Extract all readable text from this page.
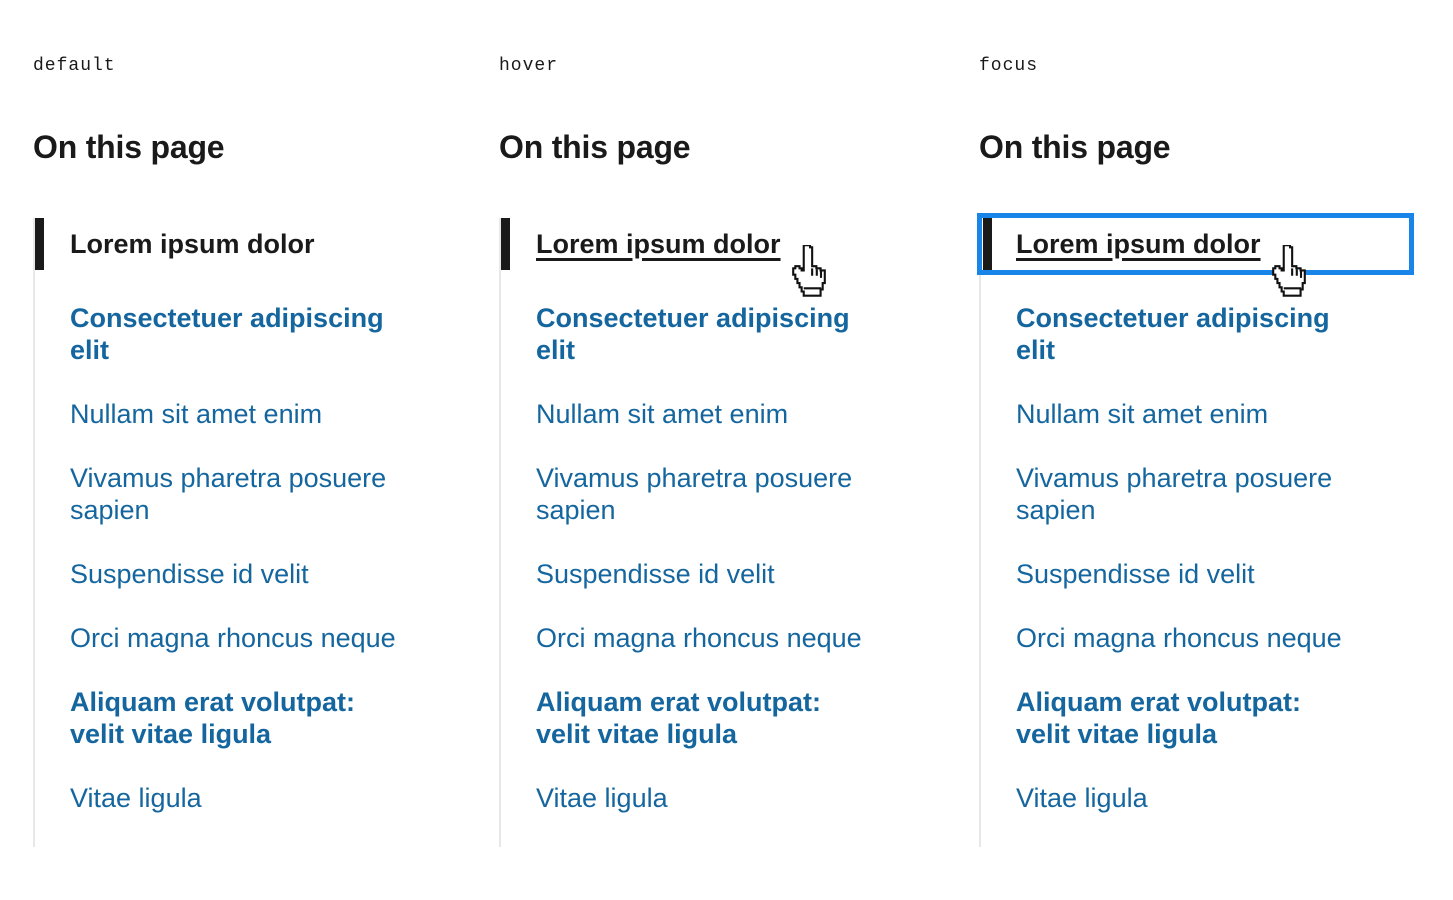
default
On this page
Lorem ipsum dolor
Consectetuer adipiscing elit
Nullam sit amet enim
Vivamus pharetra posuere sapien
Suspendisse id velit
Orci magna rhoncus neque
Aliquam erat volutpat: velit vitae ligula
Vitae ligula
hover
On this page
Lorem ipsum dolor
Consectetuer adipiscing elit
Nullam sit amet enim
Vivamus pharetra posuere sapien
Suspendisse id velit
Orci magna rhoncus neque
Aliquam erat volutpat: velit vitae ligula
Vitae ligula
focus
On this page
Lorem ipsum dolor
Consectetuer adipiscing elit
Nullam sit amet enim
Vivamus pharetra posuere sapien
Suspendisse id velit
Orci magna rhoncus neque
Aliquam erat volutpat: velit vitae ligula
Vitae ligula
